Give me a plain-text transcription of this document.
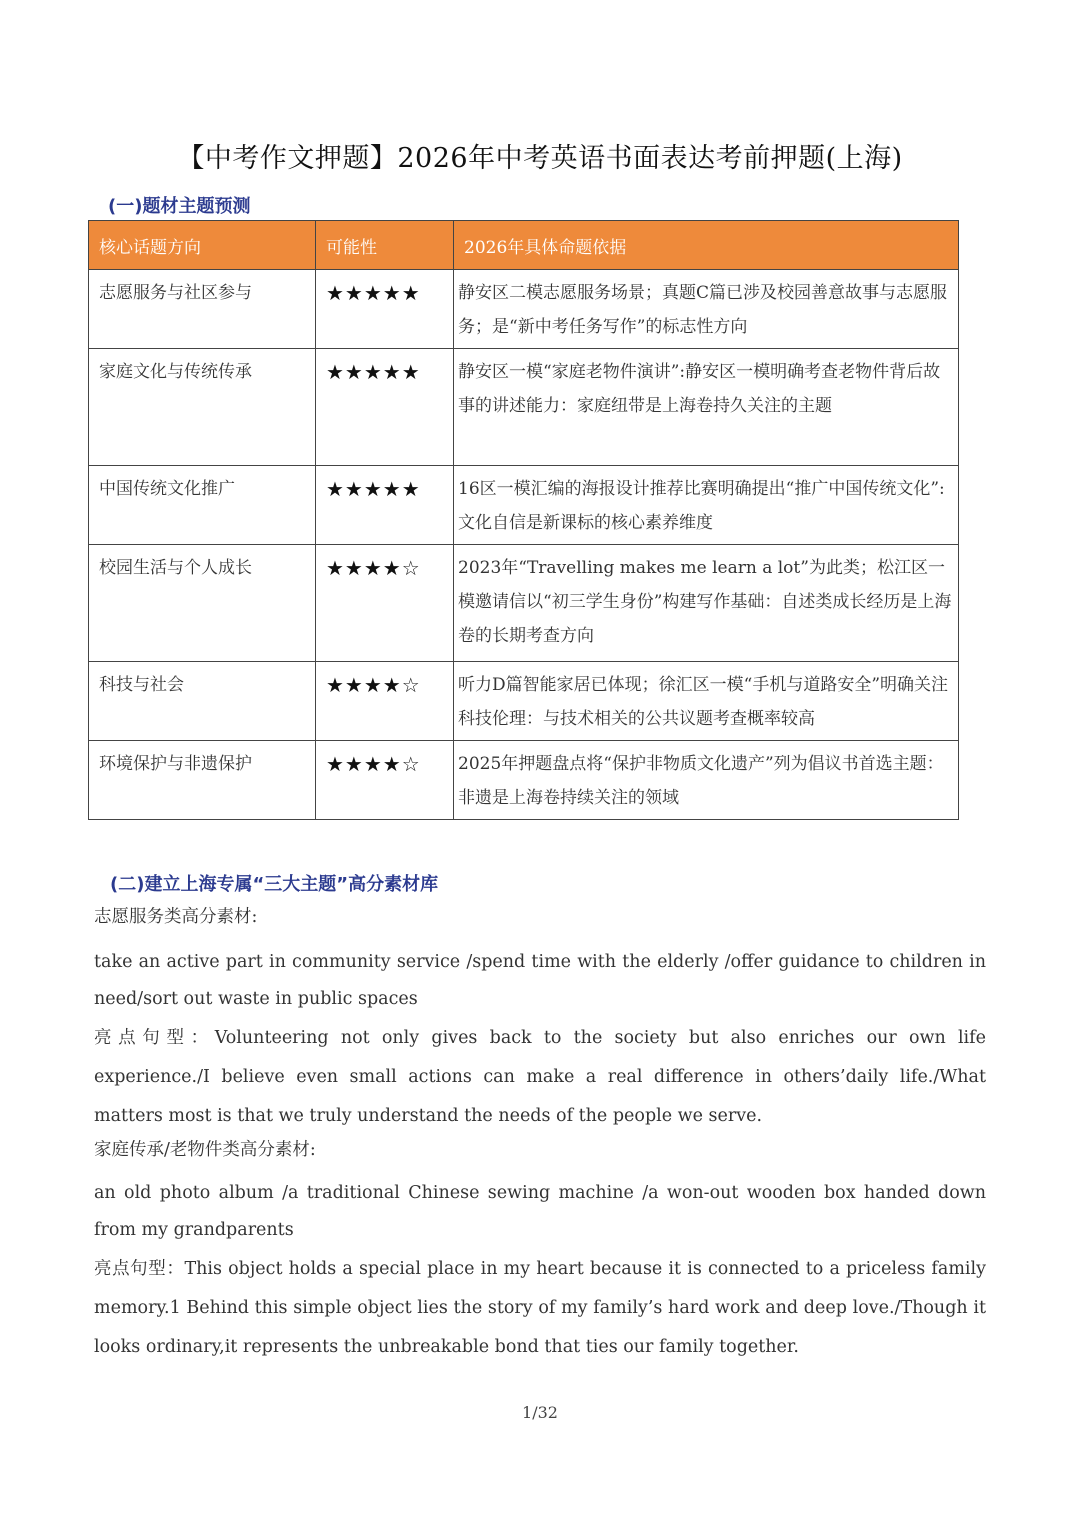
【中考作文押题】2026年中考英语书面表达考前押题(上海)
(一)题材主题预测
核心话题方向	可能性	2026年具体命题依据
志愿服务与社区参与	★★★★★	静安区二模志愿服务场景；真题C篇已涉及校园善意故事与志愿服务；是“新中考任务写作”的标志性方向
家庭文化与传统传承	★★★★★	静安区一模“家庭老物件演讲”:静安区一模明确考查老物件背后故事的讲述能力：家庭纽带是上海卷持久关注的主题
中国传统文化推广	★★★★★	16区一模汇编的海报设计推荐比赛明确提出“推广中国传统文化”:文化自信是新课标的核心素养维度
校园生活与个人成长	★★★★☆	2023年“Travelling makes me learn a lot”为此类；松江区一模邀请信以“初三学生身份”构建写作基础：自述类成长经历是上海卷的长期考查方向
科技与社会	★★★★☆	听力D篇智能家居已体现；徐汇区一模“手机与道路安全”明确关注科技伦理：与技术相关的公共议题考查概率较高
环境保护与非遗保护	★★★★☆	2025年押题盘点将“保护非物质文化遗产”列为倡议书首选主题：非遗是上海卷持续关注的领域
(二)建立上海专属“三大主题”高分素材库
志愿服务类高分素材:
take an active part in community service /spend time with the elderly /offer guidance to children in need/sort out waste in public spaces
亮点句型：Volunteering not only gives back to the society but also enriches our own life experience./I believe even small actions can make a real difference in others’daily life./What matters most is that we truly understand the needs of the people we serve.
家庭传承/老物件类高分素材:
an old photo album /a traditional Chinese sewing machine /a won-out wooden box handed down from my grandparents
亮点句型：This object holds a special place in my heart because it is connected to a priceless family memory.1 Behind this simple object lies the story of my family’s hard work and deep love./Though it looks ordinary,it represents the unbreakable bond that ties our family together.
1/32
